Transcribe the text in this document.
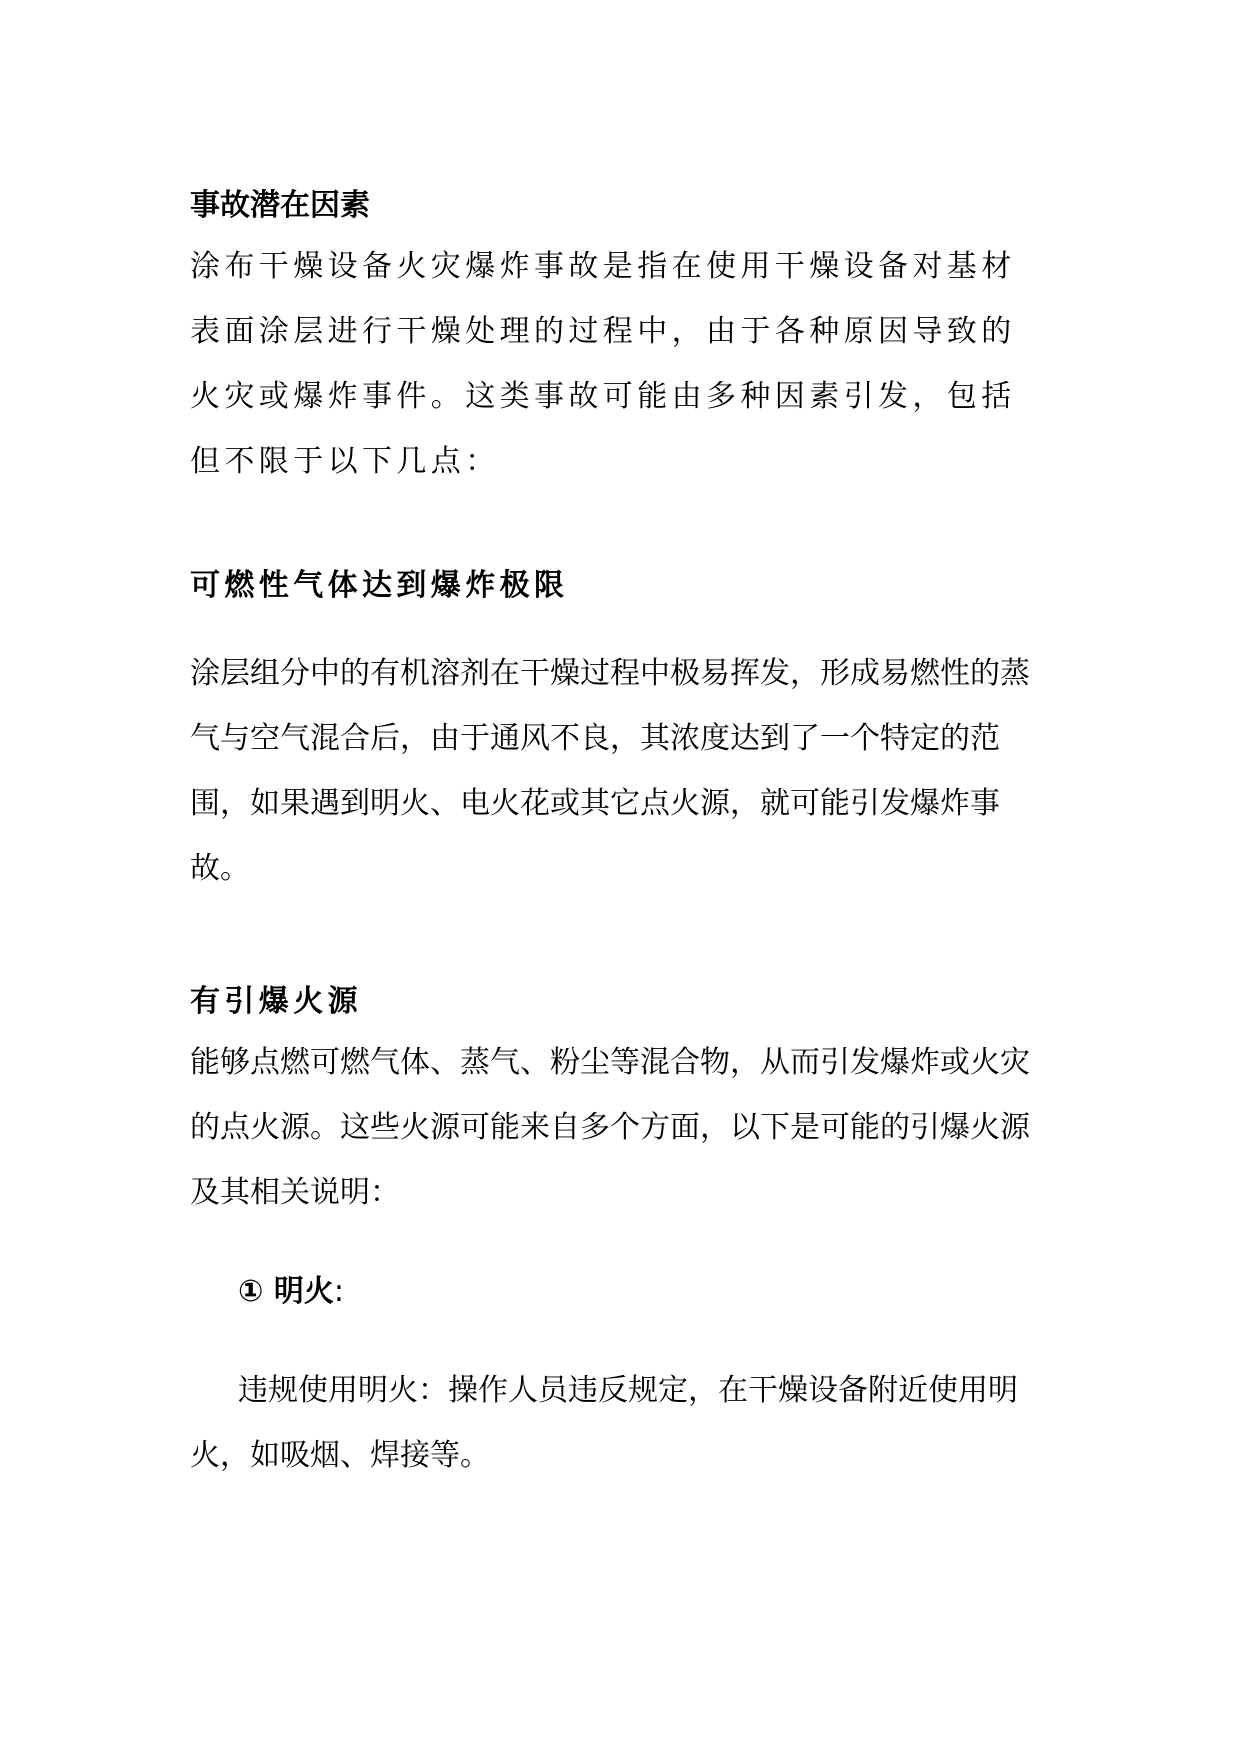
事故潜在因素

涂布干燥设备火灾爆炸事故是指在使用干燥设备对基材表面涂层进行干燥处理的过程中，由于各种原因导致的火灾或爆炸事件。这类事故可能由多种因素引发，包括但不限于以下几点：

可燃性气体达到爆炸极限

涂层组分中的有机溶剂在干燥过程中极易挥发，形成易燃性的蒸气与空气混合后，由于通风不良，其浓度达到了一个特定的范围，如果遇到明火、电火花或其它点火源，就可能引发爆炸事故。

有引爆火源

能够点燃可燃气体、蒸气、粉尘等混合物，从而引发爆炸或火灾的点火源。这些火源可能来自多个方面，以下是可能的引爆火源及其相关说明：

① 明火:

违规使用明火：操作人员违反规定，在干燥设备附近使用明火，如吸烟、焊接等。
